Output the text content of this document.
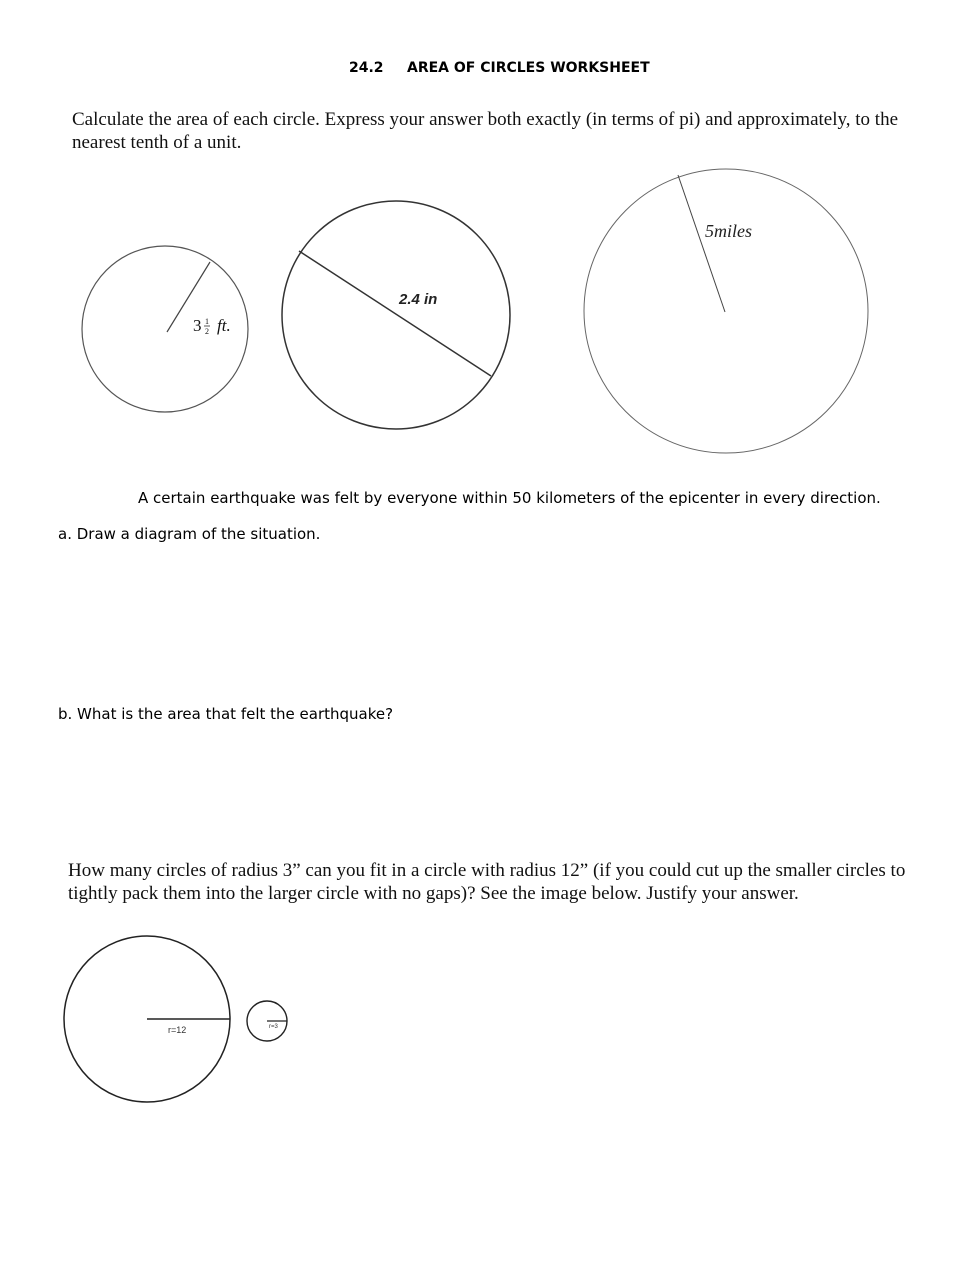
24.2 AREA OF CIRCLES WORKSHEET
Calculate the area of each circle. Express your answer both exactly (in terms of pi) and approximately, to the nearest tenth of a unit.
3 1
2 ft.
2.4 in
5miles
A certain earthquake was felt by everyone within 50 kilometers of the epicenter in every direction.
a. Draw a diagram of the situation.
b. What is the area that felt the earthquake?
How many circles of radius 3” can you fit in a circle with radius 12” (if you could cut up the smaller circles to tightly pack them into the larger circle with no gaps)? See the image below. Justify your answer.
r=12	r=3
